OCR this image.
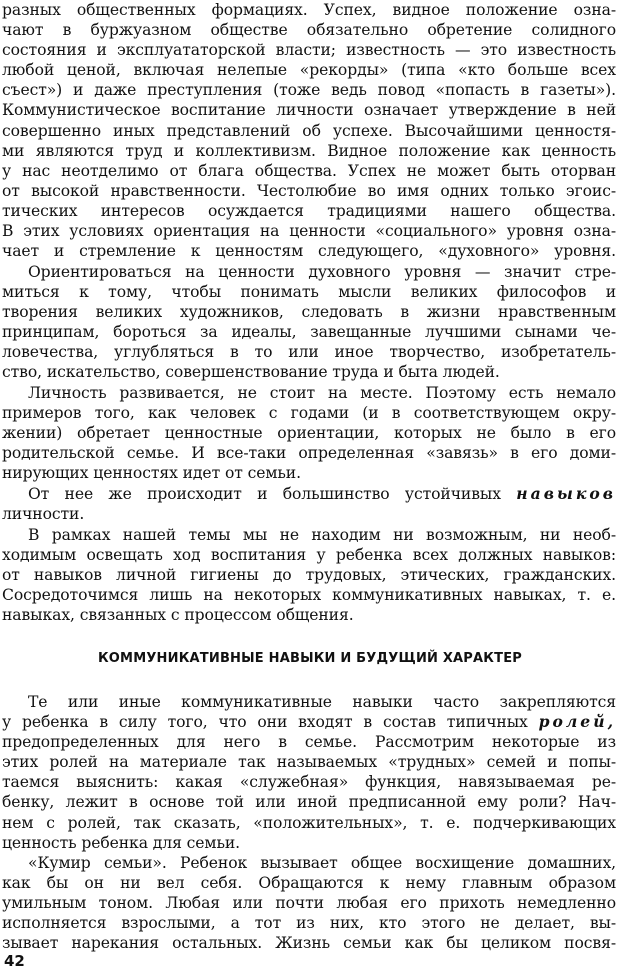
разных общественных формациях. Успех, видное положение озна-
чают в буржуазном обществе обязательно обретение солидного
состояния и эксплуататорской власти; известность — это известность
любой ценой, включая нелепые «рекорды» (типа «кто больше всех
съест») и даже преступления (тоже ведь повод «попасть в газеты»).
Коммунистическое воспитание личности означает утверждение в ней
совершенно иных представлений об успехе. Высочайшими ценностя-
ми являются труд и коллективизм. Видное положение как ценность
у нас неотделимо от блага общества. Успех не может быть оторван
от высокой нравственности. Честолюбие во имя одних только эгоис-
тических интересов осуждается традициями нашего общества.
В этих условиях ориентация на ценности «социального» уровня озна-
чает и стремление к ценностям следующего, «духовного» уровня.
Ориентироваться на ценности духовного уровня — значит стре-
миться к тому, чтобы понимать мысли великих философов и
творения великих художников, следовать в жизни нравственным
принципам, бороться за идеалы, завещанные лучшими сынами че-
ловечества, углубляться в то или иное творчество, изобретатель-
ство, искательство, совершенствование труда и быта людей.
Личность развивается, не стоит на месте. Поэтому есть немало
примеров того, как человек с годами (и в соответствующем окру-
жении) обретает ценностные ориентации, которых не было в его
родительской семье. И все-таки определенная «завязь» в его доми-
нирующих ценностях идет от семьи.
От нее же происходит и большинство устойчивых навыков
личности.
В рамках нашей темы мы не находим ни возможным, ни необ-
ходимым освещать ход воспитания у ребенка всех должных навыков:
от навыков личной гигиены до трудовых, этических, гражданских.
Сосредоточимся лишь на некоторых коммуникативных навыках, т. е.
навыках, связанных с процессом общения.
КОММУНИКАТИВНЫЕ НАВЫКИ И БУДУЩИЙ ХАРАКТЕР
Те или иные коммуникативные навыки часто закрепляются
у ребенка в силу того, что они входят в состав типичных ролей,
предопределенных для него в семье. Рассмотрим некоторые из
этих ролей на материале так называемых «трудных» семей и попы-
таемся выяснить: какая «служебная» функция, навязываемая ре-
бенку, лежит в основе той или иной предписанной ему роли? Нач-
нем с ролей, так сказать, «положительных», т. е. подчеркивающих
ценность ребенка для семьи.
«Кумир семьи». Ребенок вызывает общее восхищение домашних,
как бы он ни вел себя. Обращаются к нему главным образом
умильным тоном. Любая или почти любая его прихоть немедленно
исполняется взрослыми, а тот из них, кто этого не делает, вы-
зывает нарекания остальных. Жизнь семьи как бы целиком посвя-
42
